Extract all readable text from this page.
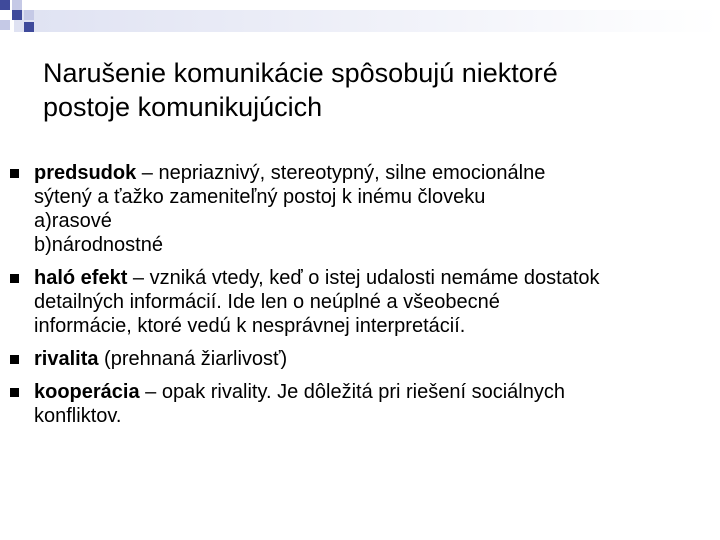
Narušenie komunikácie spôsobujú niektoré
postoje komunikujúcich
predsudok – nepriaznivý, stereotypný, silne emocionálne
sýtený a ťažko zameniteľný postoj k inému človeku
a)rasové
b)národnostné
haló efekt – vzniká vtedy, keď o istej udalosti nemáme dostatok
detailných informácií. Ide len o neúplné a všeobecné
informácie, ktoré vedú k nesprávnej interpretácií.
rivalita (prehnaná žiarlivosť)
kooperácia – opak rivality. Je dôležitá pri riešení sociálnych
konfliktov.
